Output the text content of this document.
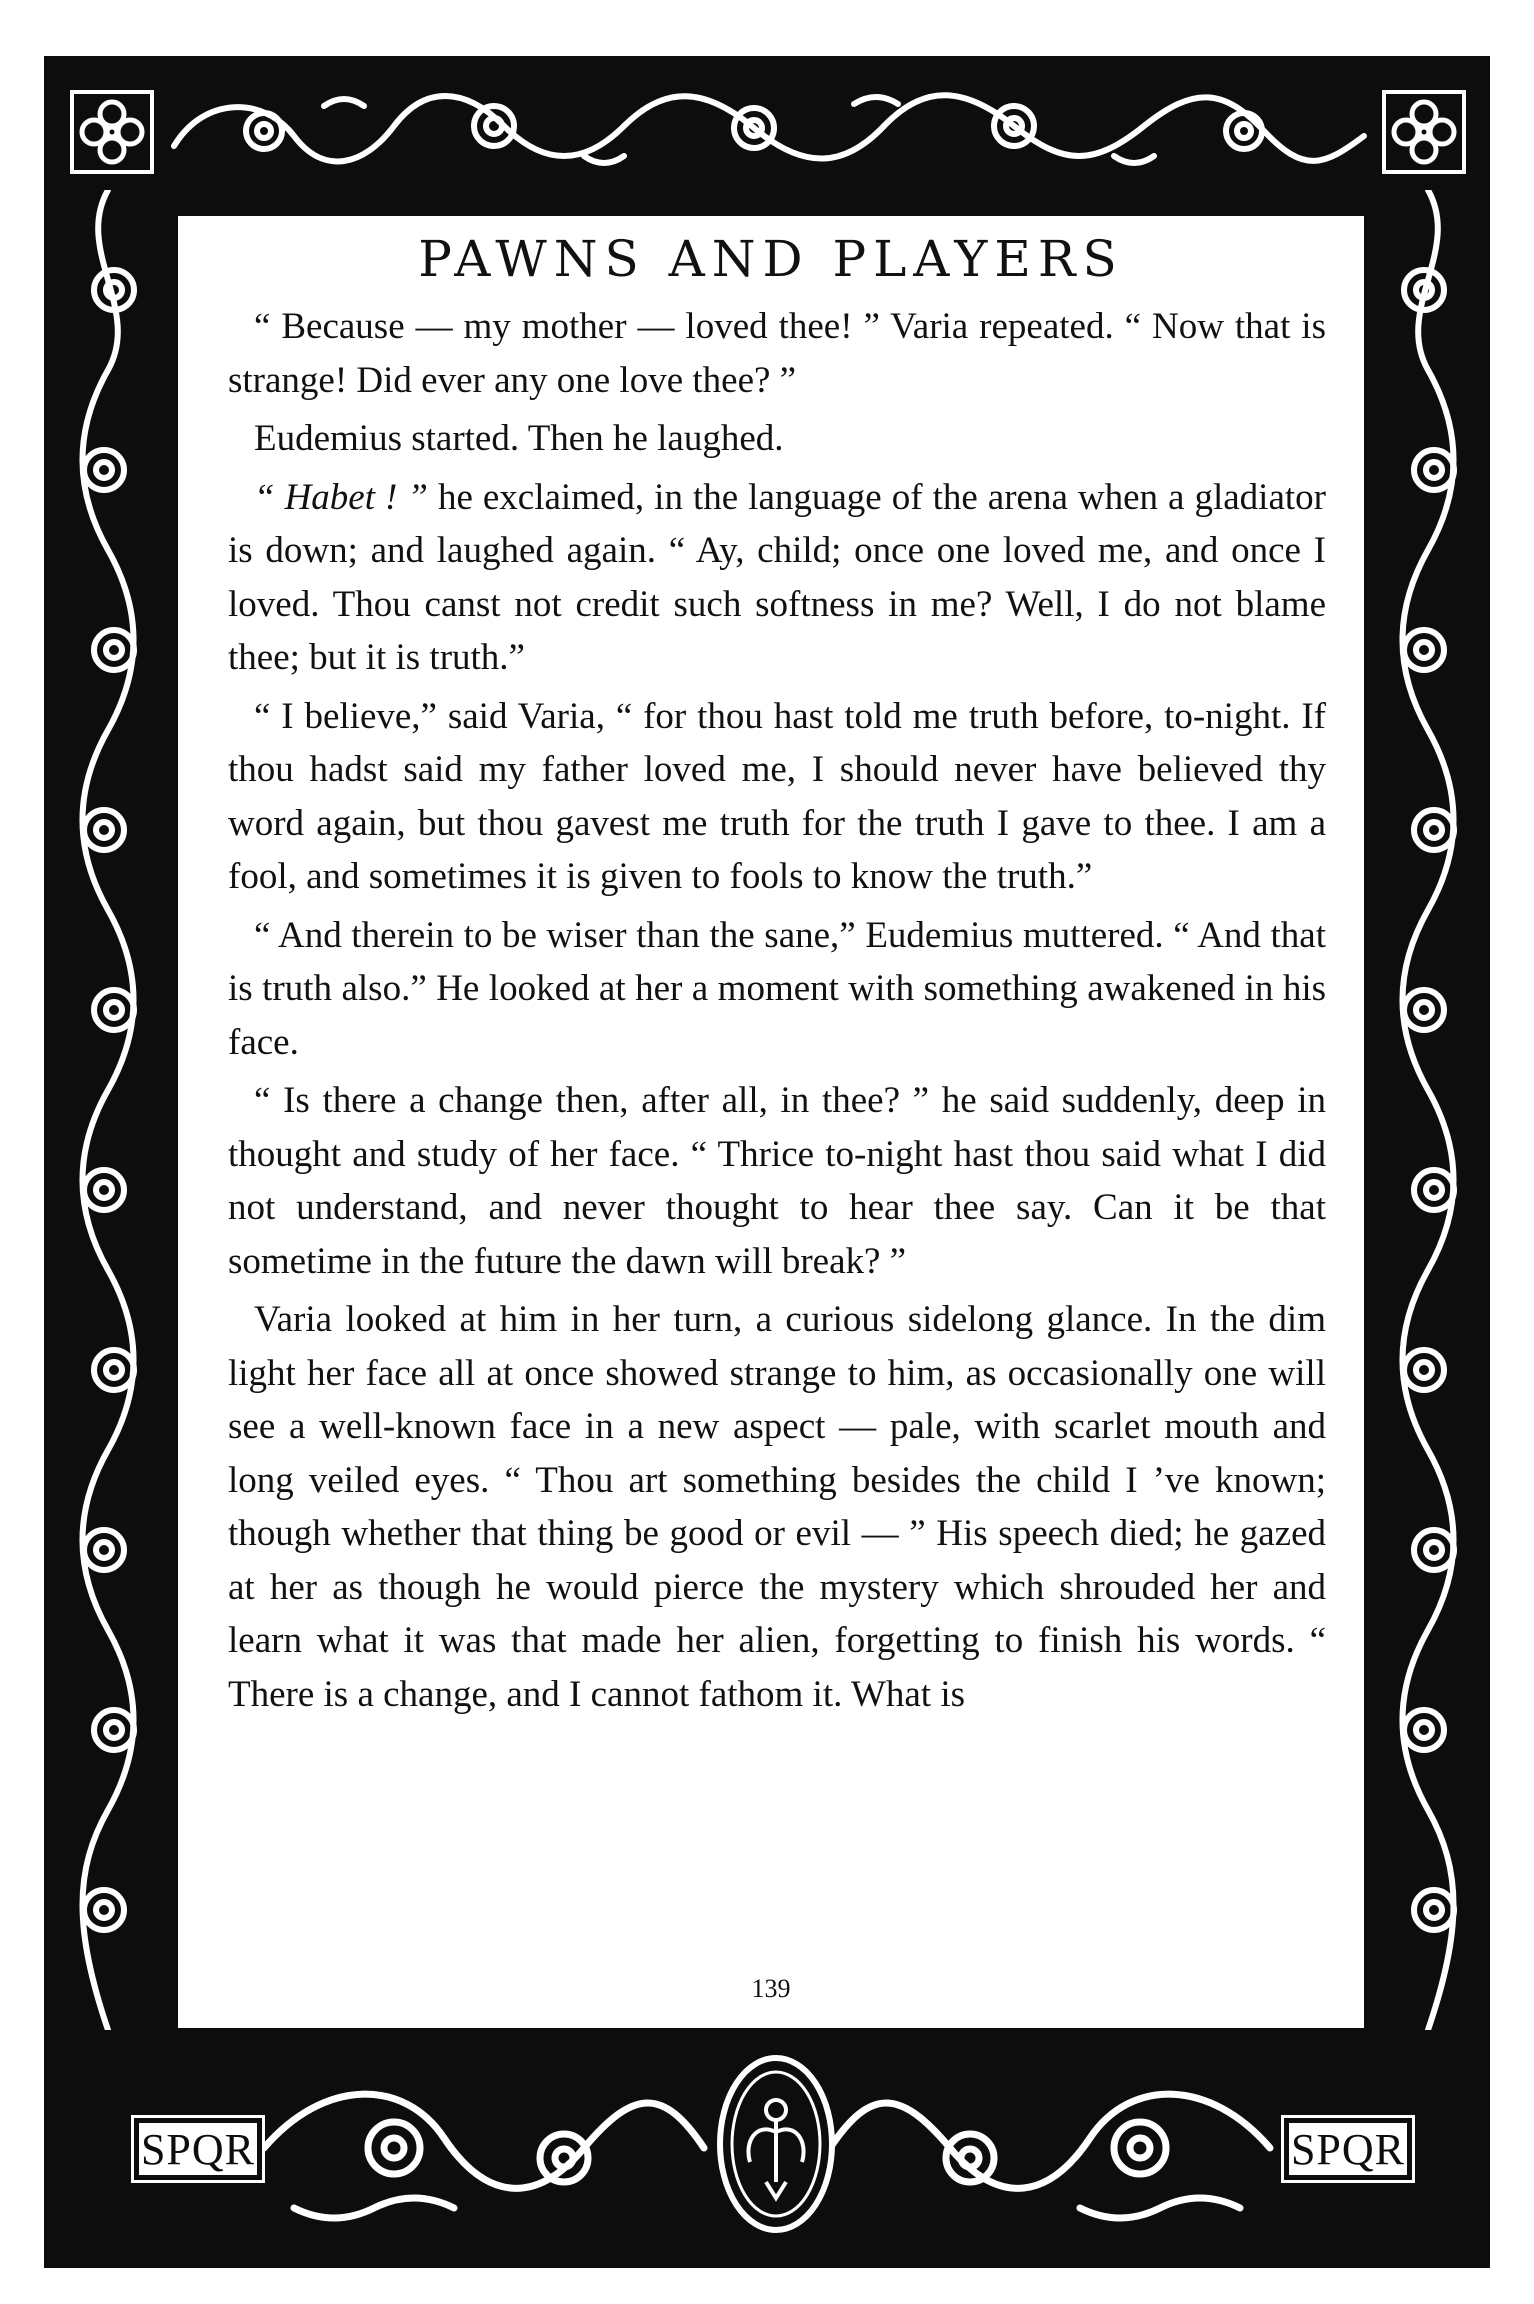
SPQR	SPQR
PAWNS AND PLAYERS

“ Because — my mother — loved thee! ” Varia repeated. “ Now that is strange! Did ever any one love thee? ”

Eudemius started. Then he laughed.

“ Habet ! ” he exclaimed, in the language of the arena when a gladiator is down; and laughed again. “ Ay, child; once one loved me, and once I loved. Thou canst not credit such softness in me? Well, I do not blame thee; but it is truth.”

“ I believe,” said Varia, “ for thou hast told me truth before, to-night. If thou hadst said my father loved me, I should never have believed thy word again, but thou gavest me truth for the truth I gave to thee. I am a fool, and sometimes it is given to fools to know the truth.”

“ And therein to be wiser than the sane,” Eudemius muttered. “ And that is truth also.” He looked at her a moment with something awakened in his face.

“ Is there a change then, after all, in thee? ” he said suddenly, deep in thought and study of her face. “ Thrice to-night hast thou said what I did not understand, and never thought to hear thee say. Can it be that sometime in the future the dawn will break? ”

Varia looked at him in her turn, a curious sidelong glance. In the dim light her face all at once showed strange to him, as occasionally one will see a well-known face in a new aspect — pale, with scarlet mouth and long veiled eyes. “ Thou art something besides the child I ’ve known; though whether that thing be good or evil — ” His speech died; he gazed at her as though he would pierce the mystery which shrouded her and learn what it was that made her alien, forgetting to finish his words. “ There is a change, and I cannot fathom it. What is

139
